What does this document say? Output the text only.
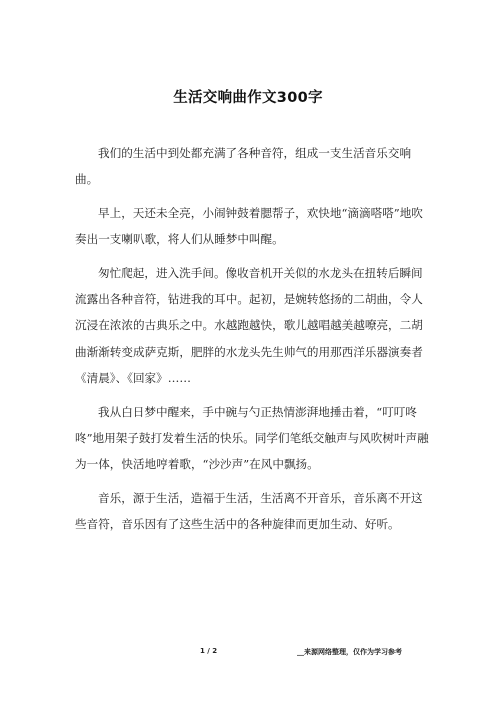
生活交响曲作文300字

我们的生活中到处都充满了各种音符，组成一支生活音乐交响曲。

早上，天还未全亮，小闹钟鼓着腮帮子，欢快地“滴滴嗒嗒”地吹奏出一支喇叭歌，将人们从睡梦中叫醒。

匆忙爬起，进入洗手间。像收音机开关似的水龙头在扭转后瞬间流露出各种音符，钻进我的耳中。起初，是婉转悠扬的二胡曲，令人沉浸在浓浓的古典乐之中。水越跑越快，歌儿越唱越美越嘹亮，二胡曲渐渐转变成萨克斯，肥胖的水龙头先生帅气的用那西洋乐器演奏者《清晨》、《回家》……

我从白日梦中醒来，手中碗与勺正热情澎湃地捶击着，“叮叮咚咚”地用架子鼓打发着生活的快乐。同学们笔纸交触声与风吹树叶声融为一体，快活地哼着歌，“沙沙声”在风中飘扬。

音乐，源于生活，造福于生活，生活离不开音乐，音乐离不开这些音符，音乐因有了这些生活中的各种旋律而更加生动、好听。

1 / 2	__来源网络整理，仅作为学习参考
